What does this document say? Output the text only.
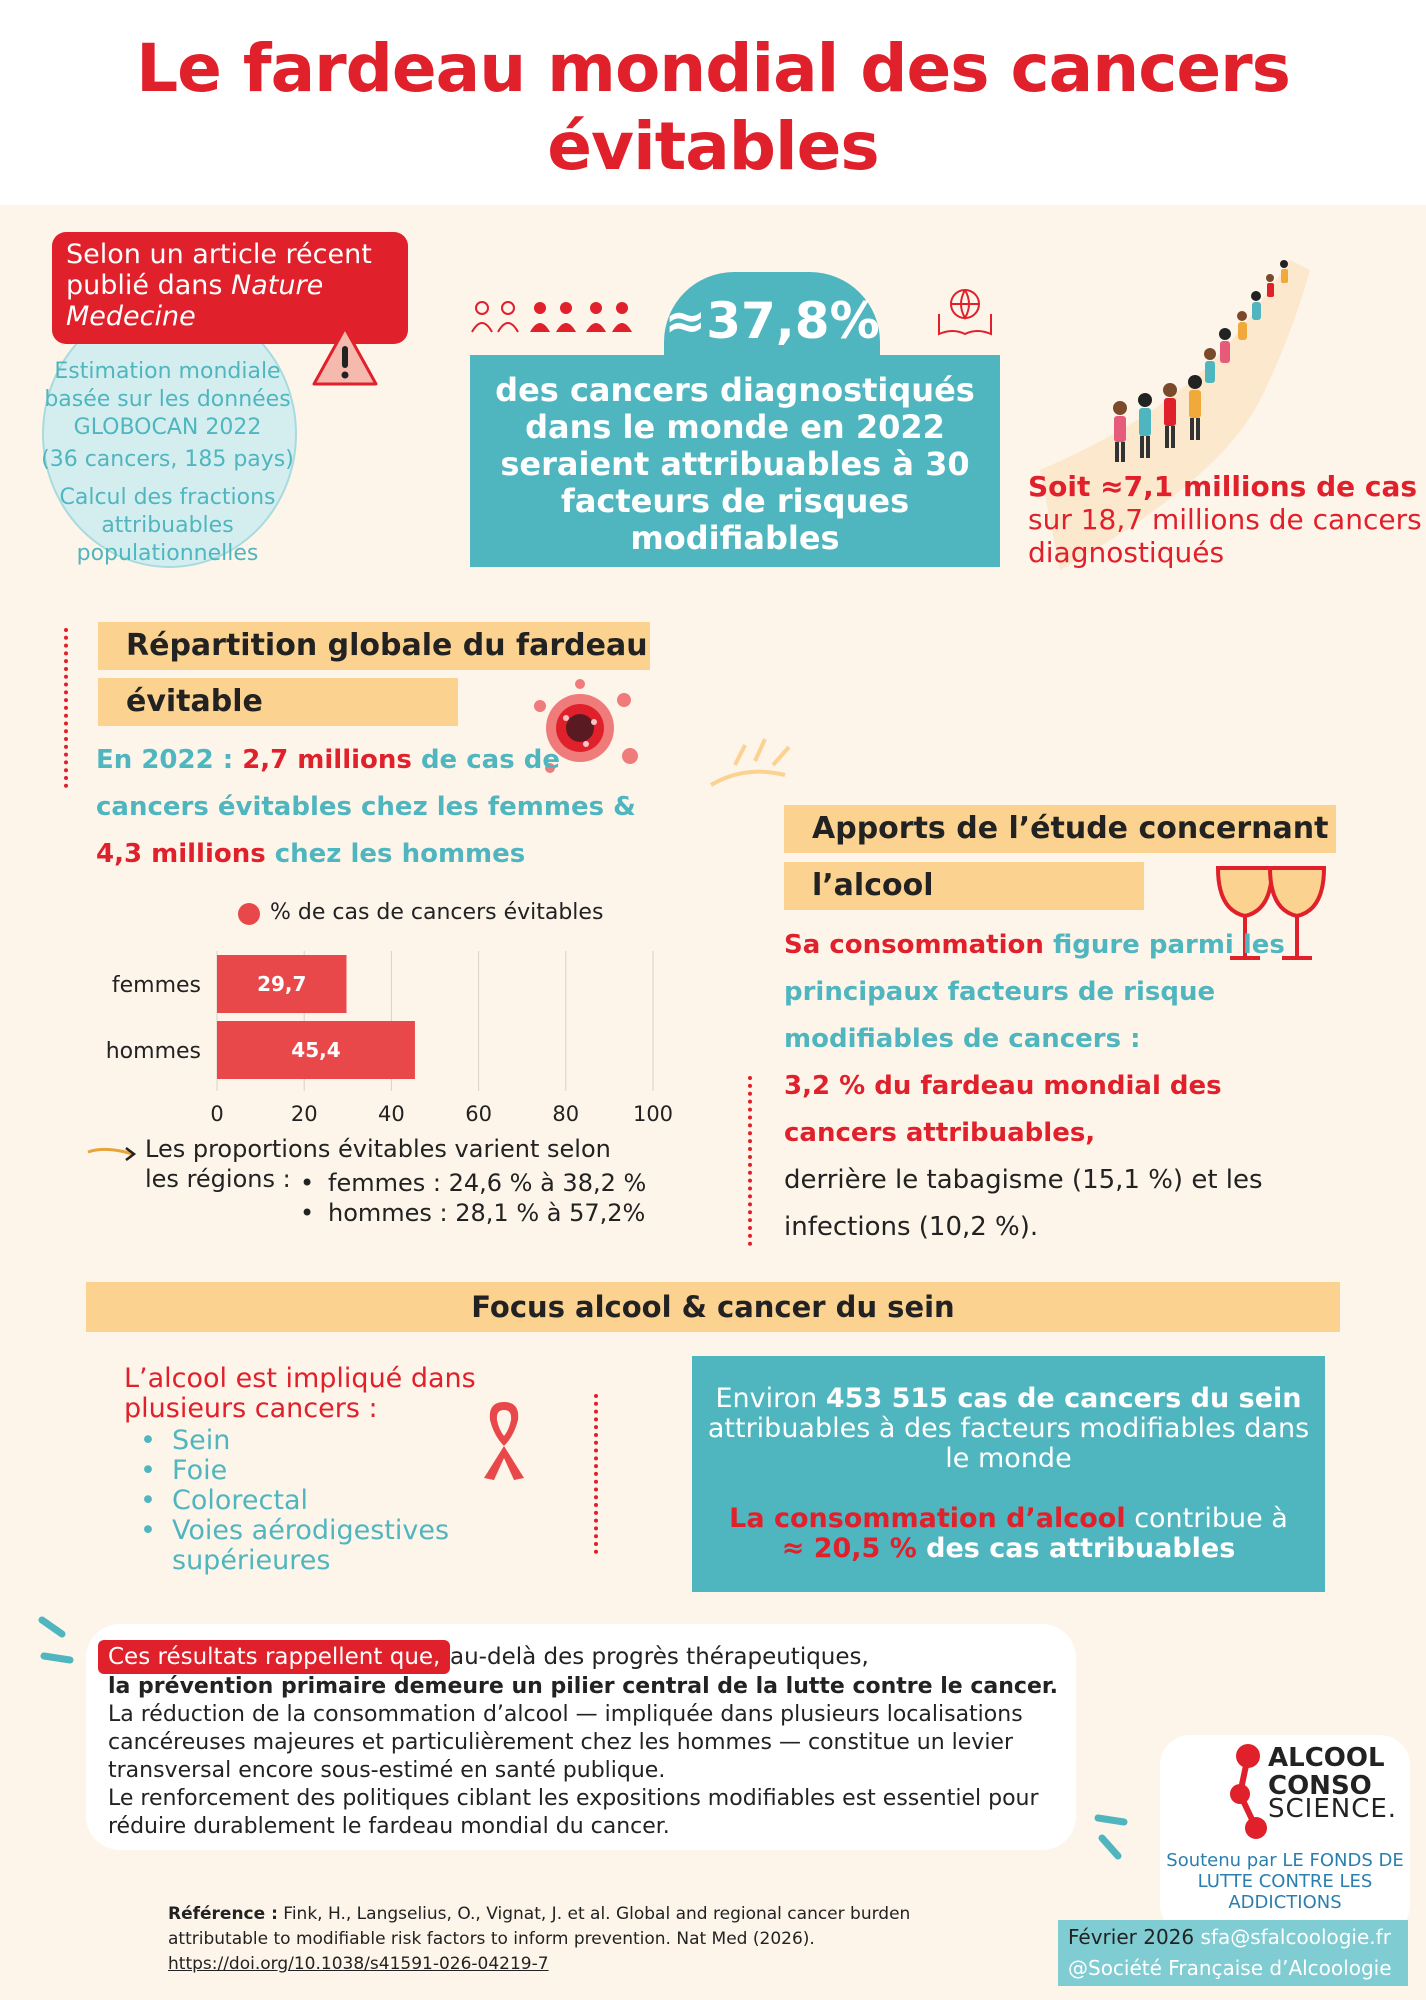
Le fardeau mondial des cancers évitables
Selon un article récent publié dans Nature Medecine

Estimation mondiale basée sur les données GLOBOCAN 2022

(36 cancers, 185 pays)

Calcul des fractions attribuables populationnelles

≈37,8%
des cancers diagnostiqués dans le monde en 2022 seraient attribuables à 30 facteurs de risques modifiables
Soit ≈7,1 millions de cas
sur 18,7 millions de cancers diagnostiqués
Répartition globale du fardeau
évitable
En 2022 : 2,7 millions de cas de cancers évitables chez les femmes & 4,3 millions chez les hommes
% de cas de cancers évitables
0	20	40	60	80	100
femmes	29,7
hommes	45,4
Les proportions évitables varient selon
les régions :	• femmes : 24,6 % à 38,2 %
• hommes : 28,1 % à 57,2%
Apports de l’étude concernant
l’alcool
Sa consommation figure parmi les principaux facteurs de risque modifiables de cancers :
3,2 % du fardeau mondial des cancers attribuables,
derrière le tabagisme (15,1 %) et les infections (10,2 %).
Focus alcool & cancer du sein
L’alcool est impliqué dans plusieurs cancers :
• Sein
• Foie
• Colorectal
• Voies aérodigestives supérieures
Environ 453 515 cas de cancers du sein
attribuables à des facteurs modifiables dans le monde
La consommation d’alcool contribue à
≈ 20,5 % des cas attribuables
Ces résultats rappellent que, au-delà des progrès thérapeutiques,
la prévention primaire demeure un pilier central de la lutte contre le cancer.
La réduction de la consommation d’alcool — impliquée dans plusieurs localisations cancéreuses majeures et particulièrement chez les hommes — constitue un levier transversal encore sous-estimé en santé publique.
Le renforcement des politiques ciblant les expositions modifiables est essentiel pour réduire durablement le fardeau mondial du cancer.
ALCOOL
CONSO
SCIENCE.
Soutenu par LE FONDS DE LUTTE CONTRE LES ADDICTIONS
Février 2026 sfa@sfalcoologie.fr
@Société Française d’Alcoologie
Référence : Fink, H., Langselius, O., Vignat, J. et al. Global and regional cancer burden attributable to modifiable risk factors to inform prevention. Nat Med (2026).
https://doi.org/10.1038/s41591-026-04219-7
